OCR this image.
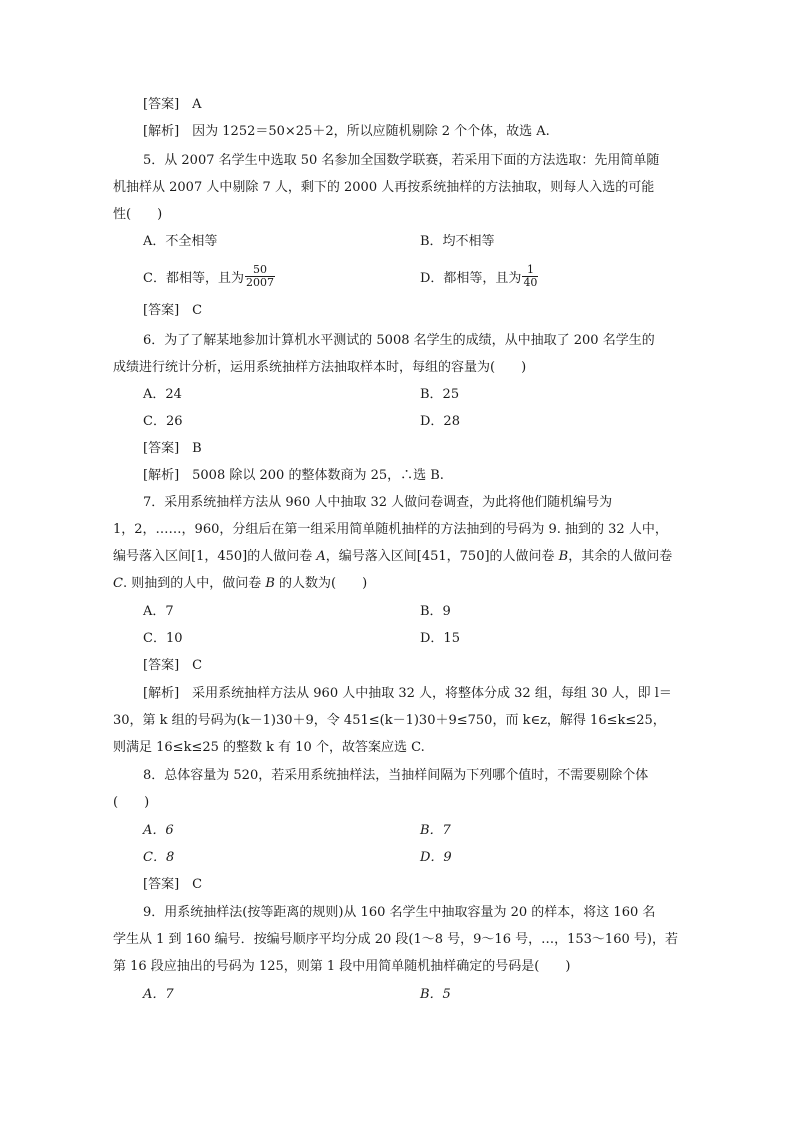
[答案]　A
[解析]　因为 1252＝50×25＋2，所以应随机剔除 2 个个体，故选 A.
5．从 2007 名学生中选取 50 名参加全国数学联赛，若采用下面的方法选取：先用简单随
机抽样从 2007 人中剔除 7 人，剩下的 2000 人再按系统抽样的方法抽取，则每人入选的可能
性(　　)
A．不全相等	B．均不相等
C．都相等，且为 $\frac{50}{2007}$	D．都相等，且为 $\frac{1}{40}$
[答案]　C
6．为了了解某地参加计算机水平测试的 5008 名学生的成绩，从中抽取了 200 名学生的
成绩进行统计分析，运用系统抽样方法抽取样本时，每组的容量为(　　)
A．24	B．25
C．26	D．28
[答案]　B
[解析]　5008 除以 200 的整体数商为 25，∴选 B.
7．采用系统抽样方法从 960 人中抽取 32 人做问卷调查，为此将他们随机编号为
1，2，……，960，分组后在第一组采用简单随机抽样的方法抽到的号码为 9. 抽到的 32 人中，
编号落入区间[1，450]的人做问卷 A，编号落入区间[451，750]的人做问卷 B，其余的人做问卷
C. 则抽到的人中，做问卷 B 的人数为(　　)
A．7	B．9
C．10	D．15
[答案]　C
[解析]　采用系统抽样方法从 960 人中抽取 32 人，将整体分成 32 组，每组 30 人，即 l＝
30，第 k 组的号码为(k－1)30＋9，令 451≤(k－1)30＋9≤750，而 k∈z，解得 16≤k≤25，
则满足 16≤k≤25 的整数 k 有 10 个，故答案应选 C.
8．总体容量为 520，若采用系统抽样法，当抽样间隔为下列哪个值时，不需要剔除个体
(　　)
A．6	B．7
C．8	D．9
[答案]　C
9．用系统抽样法(按等距离的规则)从 160 名学生中抽取容量为 20 的样本，将这 160 名
学生从 1 到 160 编号．按编号顺序平均分成 20 段(1～8 号，9～16 号，…，153～160 号)，若
第 16 段应抽出的号码为 125，则第 1 段中用简单随机抽样确定的号码是(　　)
A．7	B．5
